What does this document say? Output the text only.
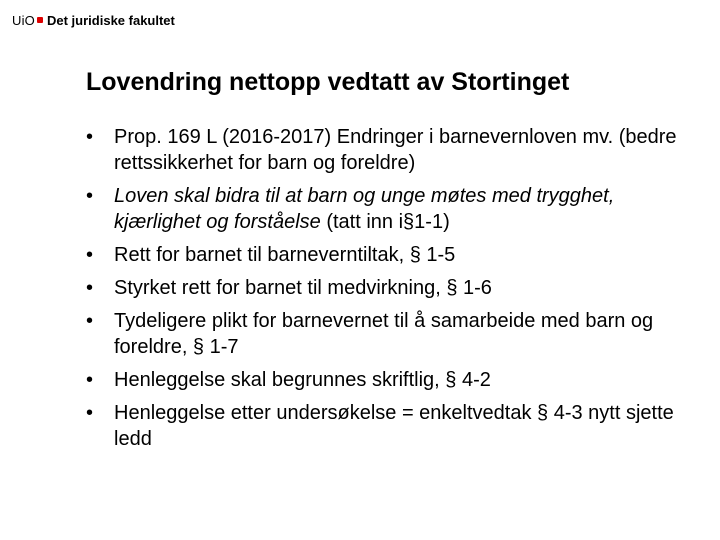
UiO Det juridiske fakultet
Lovendring nettopp vedtatt av Stortinget
•	Prop. 169 L (2016-2017) Endringer i barnevernloven mv. (bedre rettssikkerhet for barn og foreldre)
•	Loven skal bidra til at barn og unge møtes med trygghet, kjærlighet og forståelse (tatt inn i§1-1)
•	Rett for barnet til barneverntiltak, § 1-5
•	Styrket rett for barnet til medvirkning, § 1-6
•	Tydeligere plikt for barnevernet til å samarbeide med barn og foreldre, § 1-7
•	Henleggelse skal begrunnes skriftlig, § 4-2
•	Henleggelse etter undersøkelse = enkeltvedtak § 4-3 nytt sjette ledd
